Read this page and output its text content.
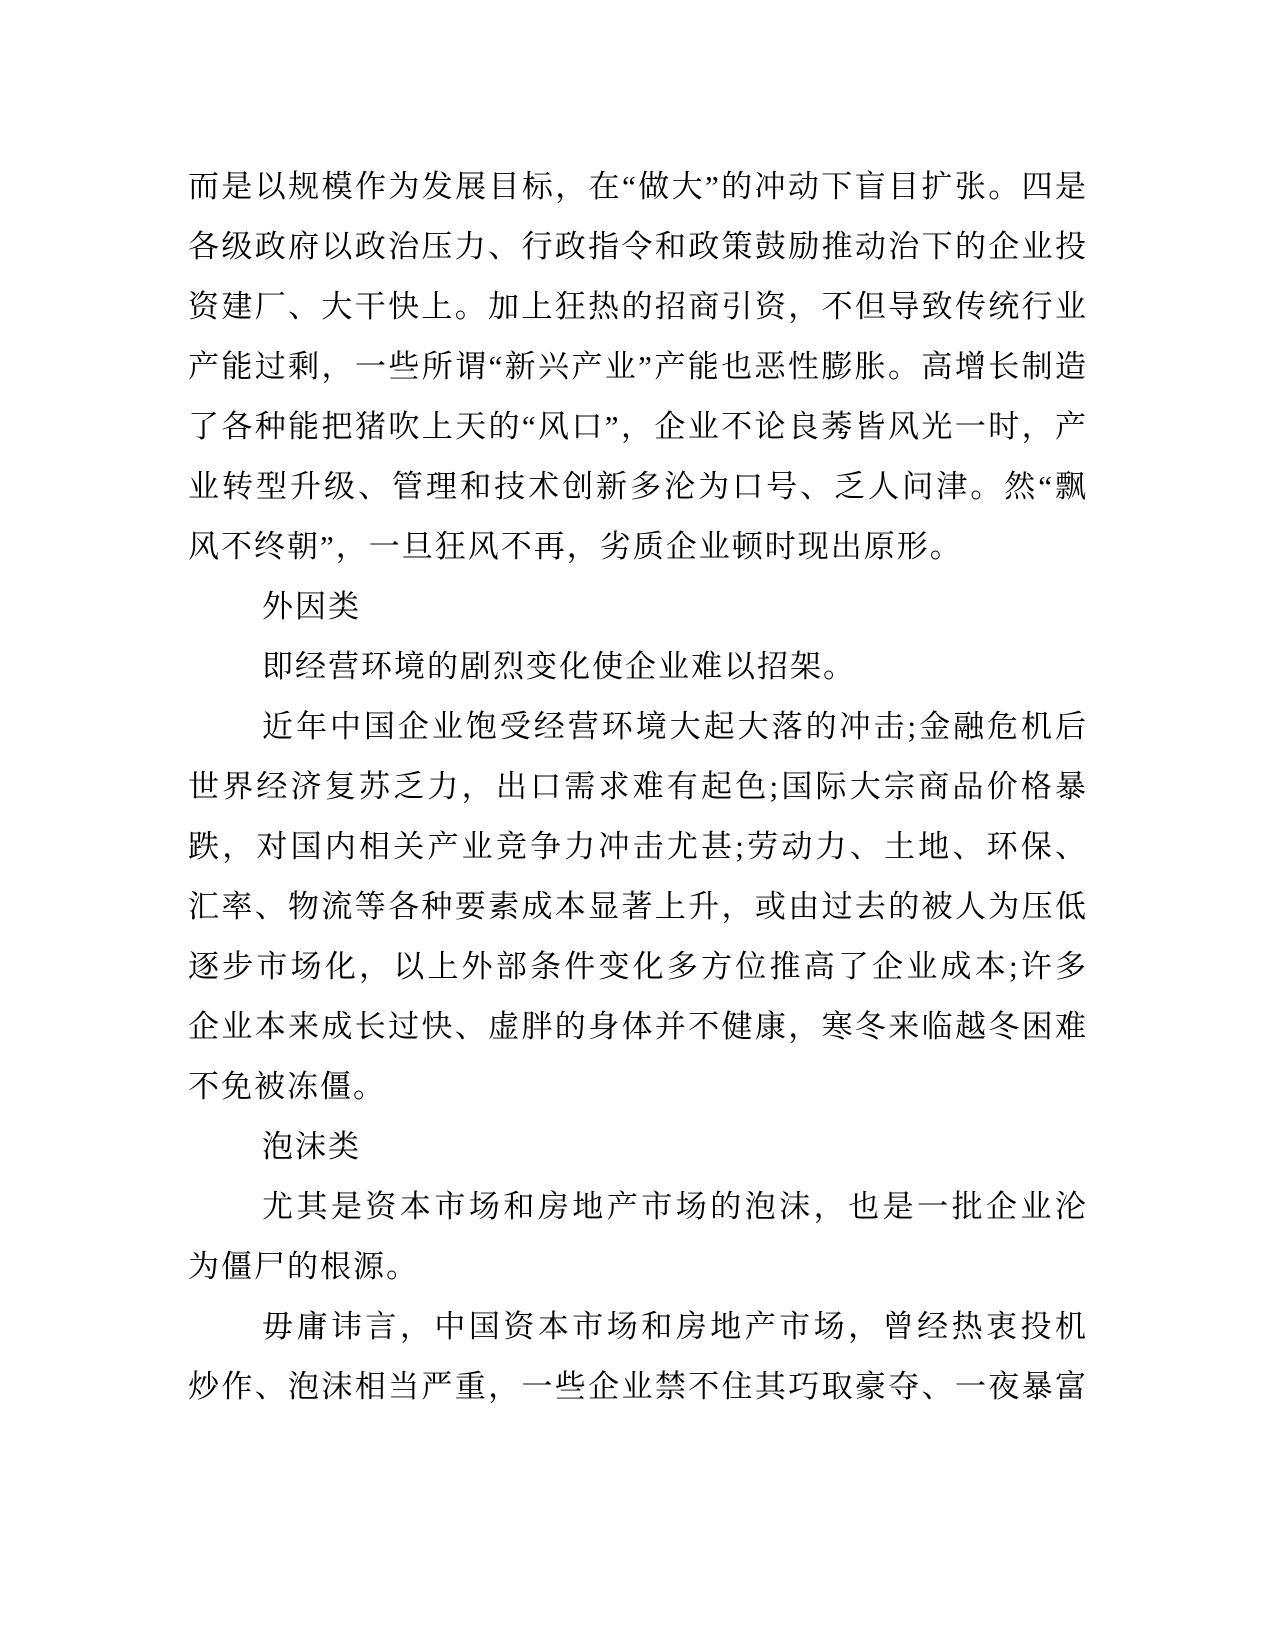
而是以规模作为发展目标，在“做大”的冲动下盲目扩张。四是
各级政府以政治压力、行政指令和政策鼓励推动治下的企业投
资建厂、大干快上。加上狂热的招商引资，不但导致传统行业
产能过剩，一些所谓“新兴产业”产能也恶性膨胀。高增长制造
了各种能把猪吹上天的“风口”，企业不论良莠皆风光一时，产
业转型升级、管理和技术创新多沦为口号、乏人问津。然“飘
风不终朝”，一旦狂风不再，劣质企业顿时现出原形。
外因类
即经营环境的剧烈变化使企业难以招架。
近年中国企业饱受经营环境大起大落的冲击;金融危机后
世界经济复苏乏力，出口需求难有起色;国际大宗商品价格暴
跌，对国内相关产业竞争力冲击尤甚;劳动力、土地、环保、
汇率、物流等各种要素成本显著上升，或由过去的被人为压低
逐步市场化，以上外部条件变化多方位推高了企业成本;许多
企业本来成长过快、虚胖的身体并不健康，寒冬来临越冬困难
不免被冻僵。
泡沫类
尤其是资本市场和房地产市场的泡沫，也是一批企业沦
为僵尸的根源。
毋庸讳言，中国资本市场和房地产市场，曾经热衷投机
炒作、泡沫相当严重，一些企业禁不住其巧取豪夺、一夜暴富
